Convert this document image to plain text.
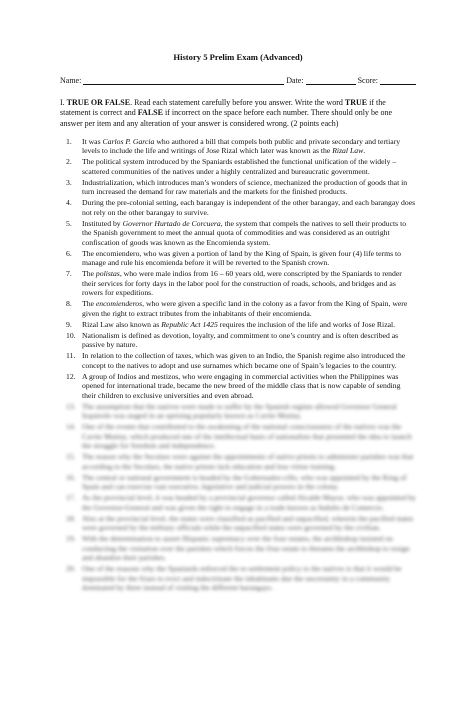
History 5 Prelim Exam (Advanced)
Name:	Date:	Score:

I. TRUE OR FALSE. Read each statement carefully before you answer. Write the word TRUE if the statement is correct and FALSE if incorrect on the space before each number. There should only be one answer per item and any alteration of your answer is considered wrong. (2 points each)

1. It was Carlos P. Garcia who authored a bill that compels both public and private secondary and tertiary levels to include the life and writings of Jose Rizal which later was known as the Rizal Law.
2. The political system introduced by the Spaniards established the functional unification of the widely – scattered communities of the natives under a highly centralized and bureaucratic government.
3. Industrialization, which introduces man’s wonders of science, mechanized the production of goods that in turn increased the demand for raw materials and the markets for the finished products.
4. During the pre-colonial setting, each barangay is independent of the other barangay, and each barangay does not rely on the other barangay to survive.
5. Instituted by Governor Hurtado de Corcuera, the system that compels the natives to sell their products to the Spanish government to meet the annual quota of commodities and was considered as an outright confiscation of goods was known as the Encomienda system.
6. The encomiendero, who was given a portion of land by the King of Spain, is given four (4) life terms to manage and rule his encomienda before it will be reverted to the Spanish crown.
7. The polistas, who were male indios from 16 – 60 years old, were conscripted by the Spaniards to render their services for forty days in the labor pool for the construction of roads, schools, and bridges and as rowers for expeditions.
8. The encomienderos, who were given a specific land in the colony as a favor from the King of Spain, were given the right to extract tributes from the inhabitants of their encomienda.
9. Rizal Law also known as Republic Act 1425 requires the inclusion of the life and works of Jose Rizal.
10. Nationalism is defined as devotion, loyalty, and commitment to one’s country and is often described as passive by nature.
11. In relation to the collection of taxes, which was given to an Indio, the Spanish regime also introduced the concept to the natives to adopt and use surnames which became one of Spain’s legacies to the country.
12. A group of Indios and mestizos, who were engaging in commercial activities when the Philippines was opened for international trade, became the new breed of the middle class that is now capable of sending their children to exclusive universities and even abroad.
13. The assumption that the natives were made to suffer by the Spanish regime allowed Governor General Izquierdo was staged in an uprising popularly known as Cavite Mutiny.
14. One of the events that contributed to the awakening of the national consciousness of the natives was the Cavite Mutiny, which produced one of the intellectual basis of nationalists that presented the idea to launch the struggle for freedom and independence.
15. The reason why the Seculars were against the appointments of native priests to administer parishes was that according to the Seculars, the native priests lack education and less virtue training.
16. The central or national government is headed by the Gobernador-cillo, who was appointed by the King of Spain and can exercise vast executive, legislative and judicial powers in the colony.
17. As the provincial level, it was headed by a provincial governor called Alcalde Mayor, who was appointed by the Governor-General and was given the right to engage in a trade known as Indulto de Comercio.
18. Also at the provincial level, the states were classified as pacified and unpacified, wherein the pacified states were governed by the military officials while the unpacified states were governed by the civilian.
19. With the determination to assert Hispanic supremacy over the four estates, the archbishop insisted on conducting the visitation over the parishes which forces the friar estate to threaten the archbishop to resign and abandon their parishes.
20. One of the reasons why the Spaniards enforced the re-settlement policy to the natives is that it would be impossible for the friars to evict and indoctrinate the inhabitants due the uncertainty in a community dominated by three instead of visiting the different barangays.
